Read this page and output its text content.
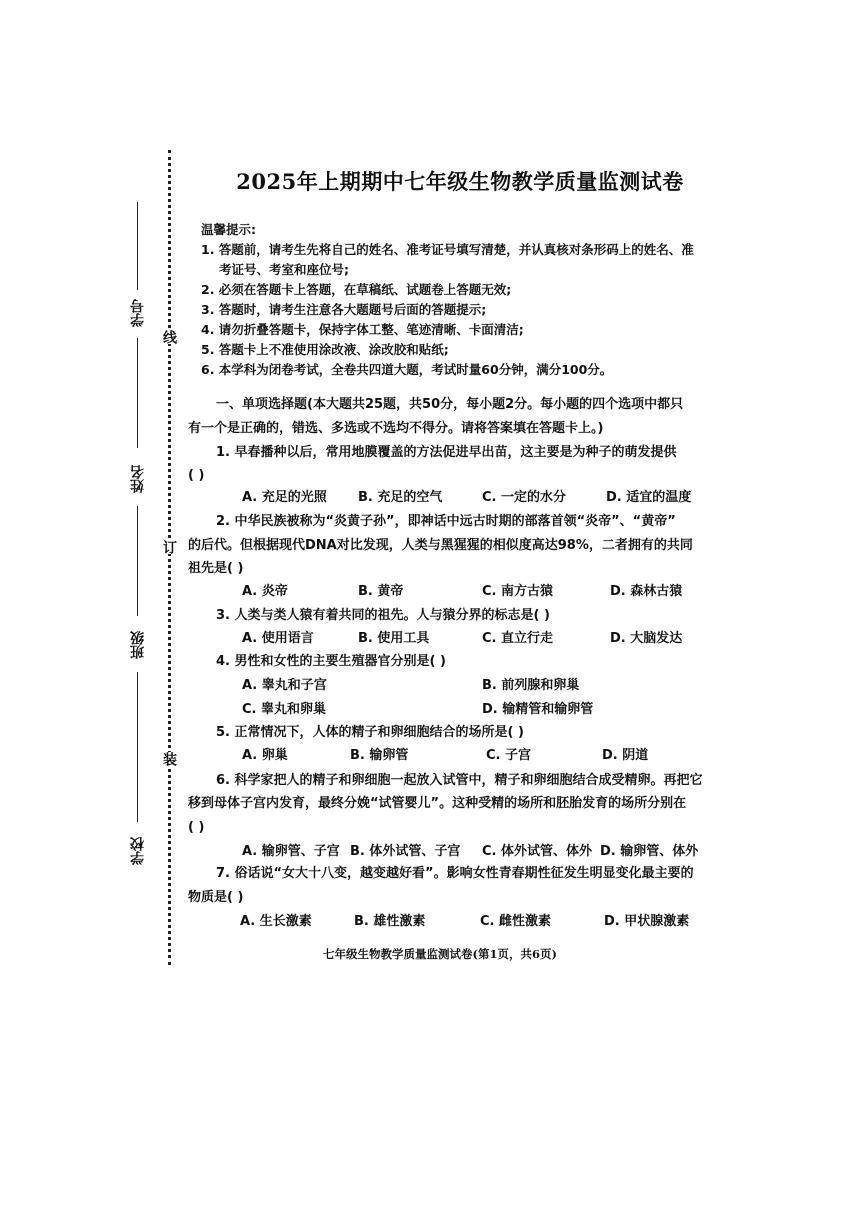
线
订
装
学号
姓名
班级
学校
2025年上期期中七年级生物教学质量监测试卷
温馨提示:
1. 答题前，请考生先将自己的姓名、准考证号填写清楚，并认真核对条形码上的姓名、准
考证号、考室和座位号;
2. 必须在答题卡上答题，在草稿纸、试题卷上答题无效;
3. 答题时，请考生注意各大题题号后面的答题提示;
4. 请勿折叠答题卡，保持字体工整、笔迹清晰、卡面清洁;
5. 答题卡上不准使用涂改液、涂改胶和贴纸;
6. 本学科为闭卷考试，全卷共四道大题，考试时量60分钟，满分100分。
一、单项选择题(本大题共25题，共50分，每小题2分。每小题的四个选项中都只
有一个是正确的，错选、多选或不选均不得分。请将答案填在答题卡上。)
1. 早春播种以后，常用地膜覆盖的方法促进早出苗，这主要是为种子的萌发提供
( )
A. 充足的光照 B. 充足的空气	C. 一定的水分	D. 适宜的温度
2. 中华民族被称为“炎黄子孙”，即神话中远古时期的部落首领“炎帝”、“黄帝”
的后代。但根据现代DNA对比发现，人类与黑猩猩的相似度高达98%，二者拥有的共同
祖先是( )
A. 炎帝	B. 黄帝	C. 南方古猿	D. 森林古猿
3. 人类与类人猿有着共同的祖先。人与猿分界的标志是( )
A. 使用语言	B. 使用工具	C. 直立行走	D. 大脑发达
4. 男性和女性的主要生殖器官分别是( )
A. 睾丸和子宫	B. 前列腺和卵巢
C. 睾丸和卵巢	D. 输精管和输卵管
5. 正常情况下，人体的精子和卵细胞结合的场所是( )
A. 卵巢	B. 输卵管	C. 子宫	D. 阴道
6. 科学家把人的精子和卵细胞一起放入试管中，精子和卵细胞结合成受精卵。再把它
移到母体子宫内发育，最终分娩“试管婴儿”。这种受精的场所和胚胎发育的场所分别在
( )
A. 输卵管、子宫 B. 体外试管、子宫 C. 体外试管、体外 D. 输卵管、体外
7. 俗话说“女大十八变，越变越好看”。影响女性青春期性征发生明显变化最主要的
物质是( )
A. 生长激素	B. 雄性激素	C. 雌性激素	D. 甲状腺激素
七年级生物教学质量监测试卷(第1页，共6页)
